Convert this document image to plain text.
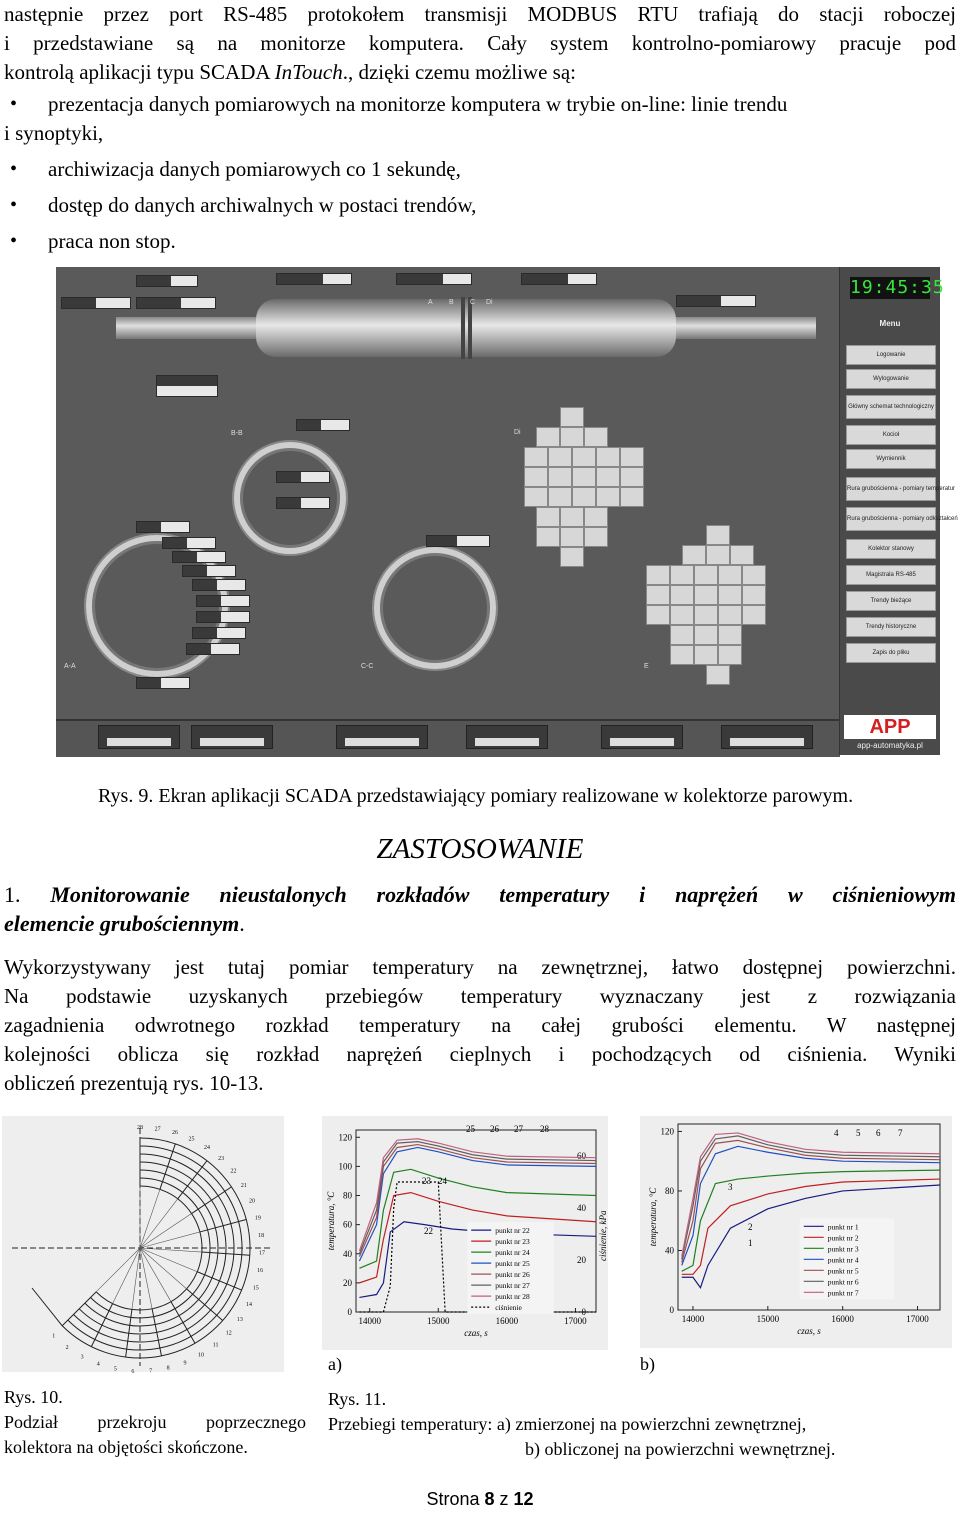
następnie przez port RS-485 protokołem transmisji MODBUS RTU trafiają do stacji roboczej
i przedstawiane są na monitorze komputera. Cały system kontrolno-pomiarowy pracuje pod
kontrolą aplikacji typu SCADA InTouch., dzięki czemu możliwe są:
• prezentacja danych pomiarowych na monitorze komputera w trybie on-line: linie trendu
i synoptyki,
• archiwizacja danych pomiarowych co 1 sekundę,
• dostęp do danych archiwalnych w postaci trendów,
• praca non stop.
B-B	Di
A-A	C-C	E
A B C Di
19:45:35
Menu
Logowanie
Wylogowanie
Główny schemat technologiczny
Kocioł
Wymiennik
Rura grubościenna - pomiary temperatur
Rura grubościenna - pomiary odkształceń
Kolektor stanowy
Magistrala RS-485
Trendy bieżące
Trendy historyczne
Zapis do pliku
APP
app-automatyka.pl
Rys. 9. Ekran aplikacji SCADA przedstawiający pomiary realizowane w kolektorze parowym.
ZASTOSOWANIE
1. Monitorowanie nieustalonych rozkładów temperatury i naprężeń w ciśnieniowym
elemencie grubościennym.
Wykorzystywany jest tutaj pomiar temperatury na zewnętrznej, łatwo dostępnej powierzchni.
Na podstawie uzyskanych przebiegów temperatury wyznaczany jest z rozwiązania
zagadnienia odwrotnego rozkład temperatury na całej grubości elementu. W następnej
kolejności oblicza się rozkład naprężeń cieplnych i pochodzących od ciśnienia. Wyniki
obliczeń prezentują rys. 10-13.
28 27
26
25
24
23
22
21
20
19
18
17
16
15
14
13
12
11
10
9
8
7
6
5
4
3
2
1
14000	15000	16000	17000
0
20
40
60
80
100
120
0
20
40
60
ciśnienie, kPa
czas, s
temperatura, °C	punkt nr 22
punkt nr 23
punkt nr 24
punkt nr 25
punkt nr 26
punkt nr 27
punkt nr 28
ciśnienie
25 26 27 28
23 24
22
a)
14000	15000	16000	17000
0
40
80
120
czas, s
temperatura, °C	punkt nr 1
punkt nr 2
punkt nr 3
punkt nr 4
punkt nr 5
punkt nr 6
punkt nr 7
4 5 6 7
3
2
1
b)
Rys. 10.
Podział przekroju poprzecznego
kolektora na objętości skończone.
Rys. 11.
Przebiegi temperatury: a) zmierzonej na powierzchni zewnętrznej,
b) obliczonej na powierzchni wewnętrznej.
Strona 8 z 12
